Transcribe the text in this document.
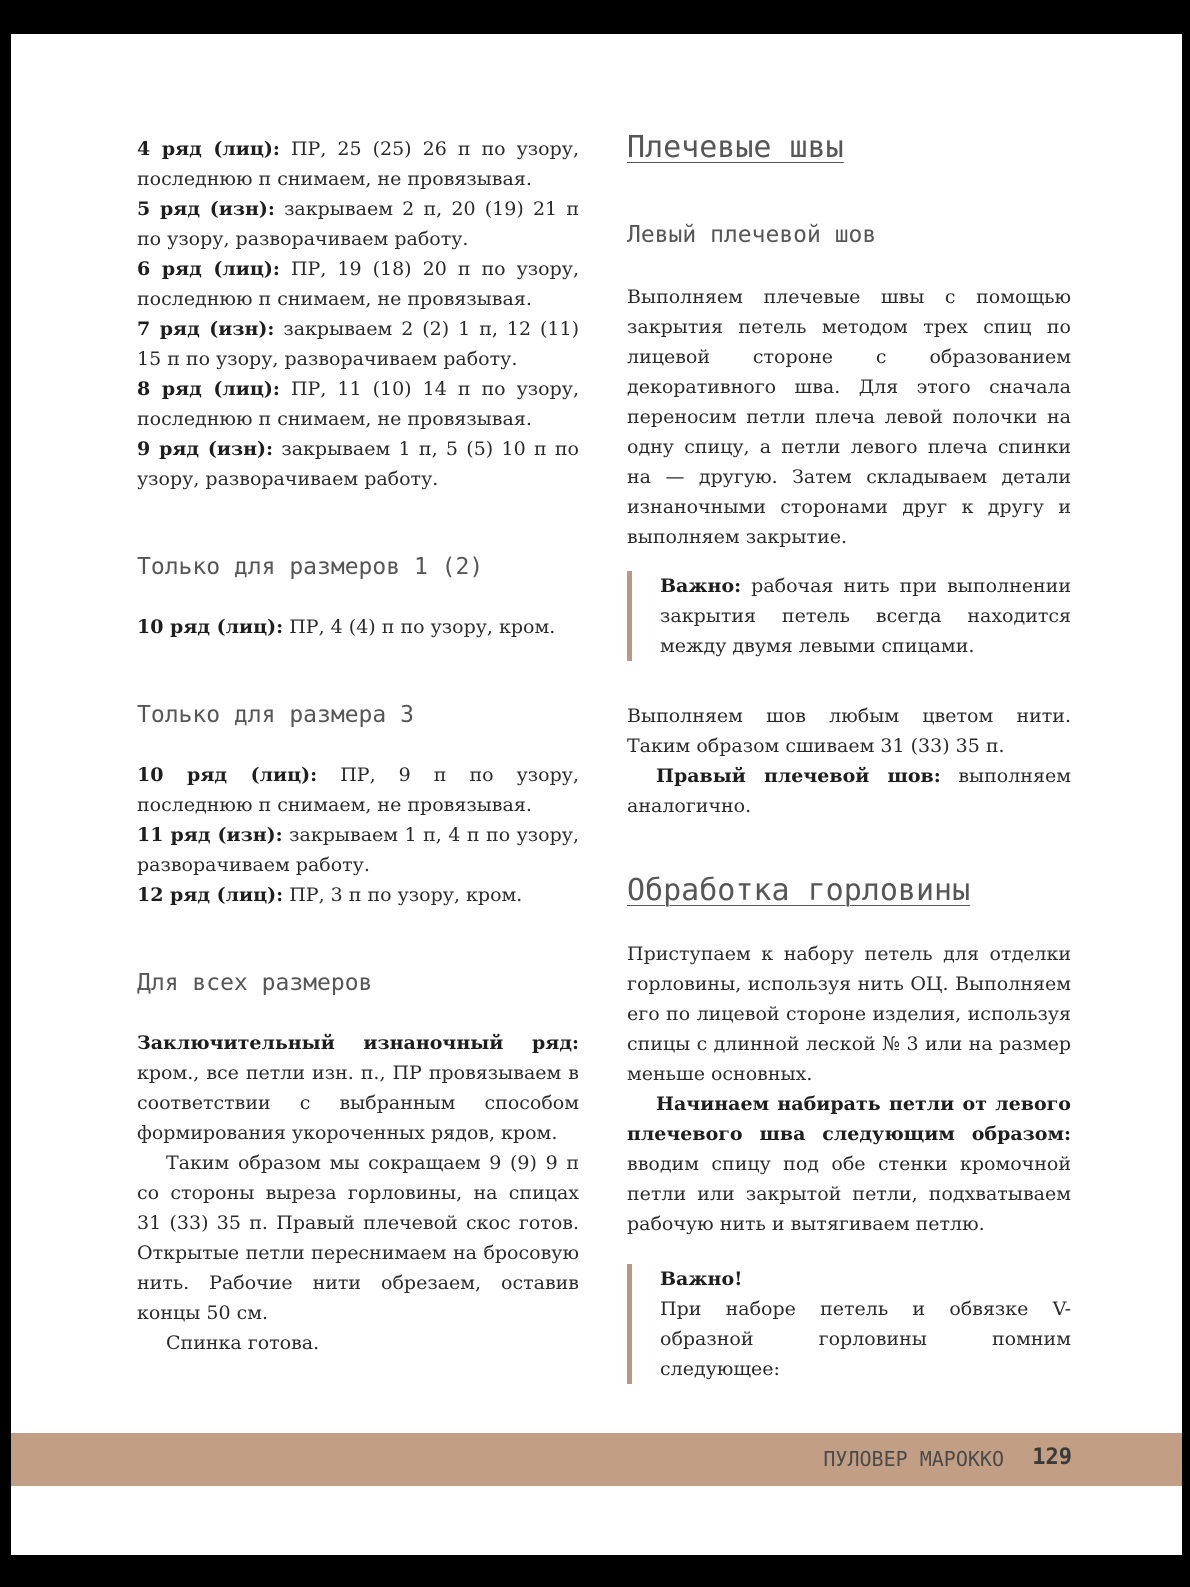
4 ряд (лиц): ПР, 25 (25) 26 п по узору, последнюю п снимаем, не провязывая.

5 ряд (изн): закрываем 2 п, 20 (19) 21 п по узору, разворачиваем работу.

6 ряд (лиц): ПР, 19 (18) 20 п по узору, последнюю п снимаем, не провязывая.

7 ряд (изн): закрываем 2 (2) 1 п, 12 (11) 15 п по узору, разворачиваем работу.

8 ряд (лиц): ПР, 11 (10) 14 п по узору, последнюю п снимаем, не провязывая.

9 ряд (изн): закрываем 1 п, 5 (5) 10 п по узору, разворачиваем работу.

Только для размеров 1 (2)

10 ряд (лиц): ПР, 4 (4) п по узору, кром.

Только для размера 3

10 ряд (лиц): ПР, 9 п по узору, последнюю п снимаем, не провязывая.

11 ряд (изн): закрываем 1 п, 4 п по узору, разворачиваем работу.

12 ряд (лиц): ПР, 3 п по узору, кром.

Для всех размеров

Заключительный изнаночный ряд: кром., все петли изн. п., ПР провязываем в соответствии с выбранным способом формирования укороченных рядов, кром.

Таким образом мы сокращаем 9 (9) 9 п со стороны выреза горловины, на спицах 31 (33) 35 п. Правый плечевой скос готов. Открытые петли переснимаем на бросовую нить. Рабочие нити обрезаем, оставив концы 50 см.

Спинка готова.

Плечевые швы
Левый плечевой шов

Выполняем плечевые швы с помощью закрытия петель методом трех спиц по лицевой стороне с образованием декоративного шва. Для этого сначала переносим петли плеча левой полочки на одну спицу, а петли левого плеча спинки на — другую. Затем складываем детали изнаночными сторонами друг к другу и выполняем закрытие.

Важно: рабочая нить при выполнении закрытия петель всегда находится между двумя левыми спицами.

Выполняем шов любым цветом нити. Таким образом сшиваем 31 (33) 35 п.

Правый плечевой шов: выполняем аналогично.

Обработка горловины

Приступаем к набору петель для отделки горловины, используя нить ОЦ. Выполняем его по лицевой стороне изделия, используя спицы с длинной леской № 3 или на размер меньше основных.

Начинаем набирать петли от левого плечевого шва следующим образом: вводим спицу под обе стенки кромочной петли или закрытой петли, подхватываем рабочую нить и вытягиваем петлю.

Важно!

При наборе петель и обвязке V-образной горловины помним следующее:

ПУЛОВЕР МАРОККО 129
